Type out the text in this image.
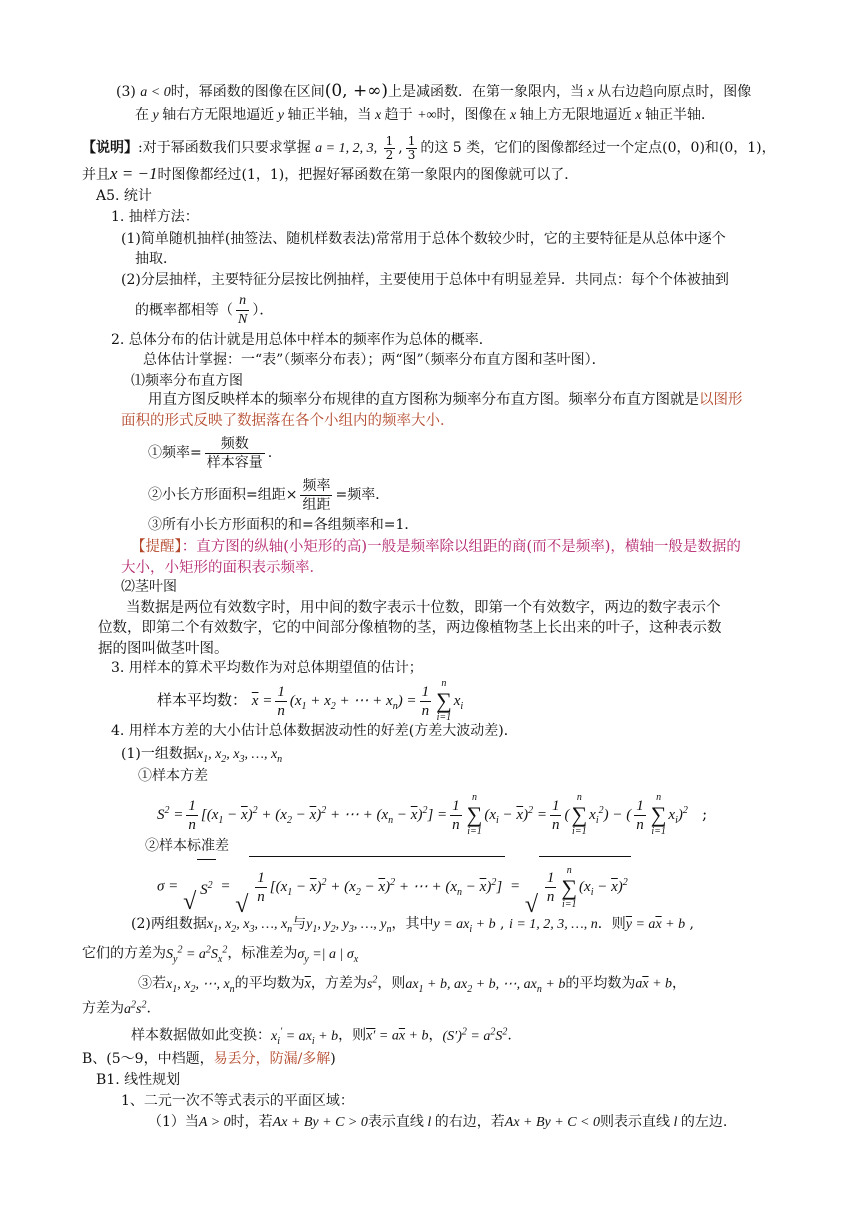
(3) a < 0时，幂函数的图像在区间(0, +∞)上是减函数．在第一象限内，当 x 从右边趋向原点时，图像
在 y 轴右方无限地逼近 y 轴正半轴，当 x 趋于 +∞时，图像在 x 轴上方无限地逼近 x 轴正半轴．
【说明】:对于幂函数我们只要求掌握 a = 1, 2, 3, $\frac{1}{2}$ , $\frac{1}{3}$ 的这 5 类，它们的图像都经过一个定点(0，0)和(0，1)，
并且x = −1时图像都经过(1，1)，把握好幂函数在第一象限内的图像就可以了．
A5. 统计
1. 抽样方法：
(1)简单随机抽样(抽签法、随机样数表法)常常用于总体个数较少时，它的主要特征是从总体中逐个
抽取．
(2)分层抽样，主要特征分层按比例抽样，主要使用于总体中有明显差异．共同点：每个个体被抽到
的概率都相等（ $\frac{n}{N}$ ）．
2. 总体分布的估计就是用总体中样本的频率作为总体的概率．
总体估计掌握：一“表”（频率分布表）；两“图”（频率分布直方图和茎叶图）．
⑴频率分布直方图
用直方图反映样本的频率分布规律的直方图称为频率分布直方图。频率分布直方图就是以图形
面积的形式反映了数据落在各个小组内的频率大小．
①频率= $\frac{\text{频数}}{\text{样本容量}}$ .
②小长方形面积=组距× $\frac{\text{频率}}{\text{组距}}$ =频率．
③所有小长方形面积的和=各组频率和=1．
【提醒】：直方图的纵轴(小矩形的高)一般是频率除以组距的商(而不是频率)，横轴一般是数据的
大小，小矩形的面积表示频率．
⑵茎叶图
当数据是两位有效数字时，用中间的数字表示十位数，即第一个有效数字，两边的数字表示个
位数，即第二个有效数字，它的中间部分像植物的茎，两边像植物茎上长出来的叶子，这种表示数
据的图叫做茎叶图。
3. 用样本的算术平均数作为对总体期望值的估计；
样本平均数： $\overline{x} = \frac{1}{n} (x_1 + x_2$ + ⋯ + $x_n) = \frac{1}{n}$	n
∑
i=1
$x_i$
4. 用样本方差的大小估计总体数据波动性的好差(方差大波动差)．
(1)一组数据$x_1$, $x_2$, $x_3$, …, $x_n$
①样本方差
$S^2 = \frac{1}{n} [(x_1 - \overline{x})^2 + (x_2 - \overline{x})^2$ + ⋯ + $(x_n - \overline{x})^2] = \frac{1}{n}$	n
∑
i=1
$(x_i - \overline{x})^2 = \frac{1}{n}$ (
n
∑
i=1
$x_i^2$) − ( $\frac{1}{n}$	n
∑
i=1
$x_i)^2$   ;
②样本标准差
σ =
√ $S^2$ =
√ $\frac{1}{n} [(x_1 - \overline{x})^2 + (x_2 - \overline{x})^2$ + ⋯ + $(x_n - \overline{x})^2$] =
√ $\frac{1}{n}$	n
∑
i=1
$(x_i - \overline{x})^2$
(2)两组数据$x_1$, $x_2$, $x_3$, …, $x_n$与$y_1$, $y_2$, $y_3$, …, $y_n$，其中$y = ax_i + b$ , i = 1, 2, 3, …, n．则$\overline{y} = a\overline{x} + b$ ,
它们的方差为$S_y^2 = a^2S_x^2$，标准差为$\sigma_y$ =| a | $\sigma_x$
③若$x_1$, $x_2$, ⋯, $x_n$的平均数为$\overline{x}$，方差为$s^2$，则$ax_1 + b$, $ax_2 + b$, ⋯, $ax_n + b$的平均数为$a\overline{x} + b$，
方差为$a^2s^2$.
样本数据做如此变换：$x_i' = ax_i + b$，则$x' = a\overline{x} + b$，$(S')^2 = a^2S^2$.
B、(5～9，中档题，易丢分，防漏/多解)
B1. 线性规划
1、二元一次不等式表示的平面区域：
（1）当A > 0时，若Ax + By + C > 0表示直线 l 的右边，若Ax + By + C < 0则表示直线 l 的左边.
